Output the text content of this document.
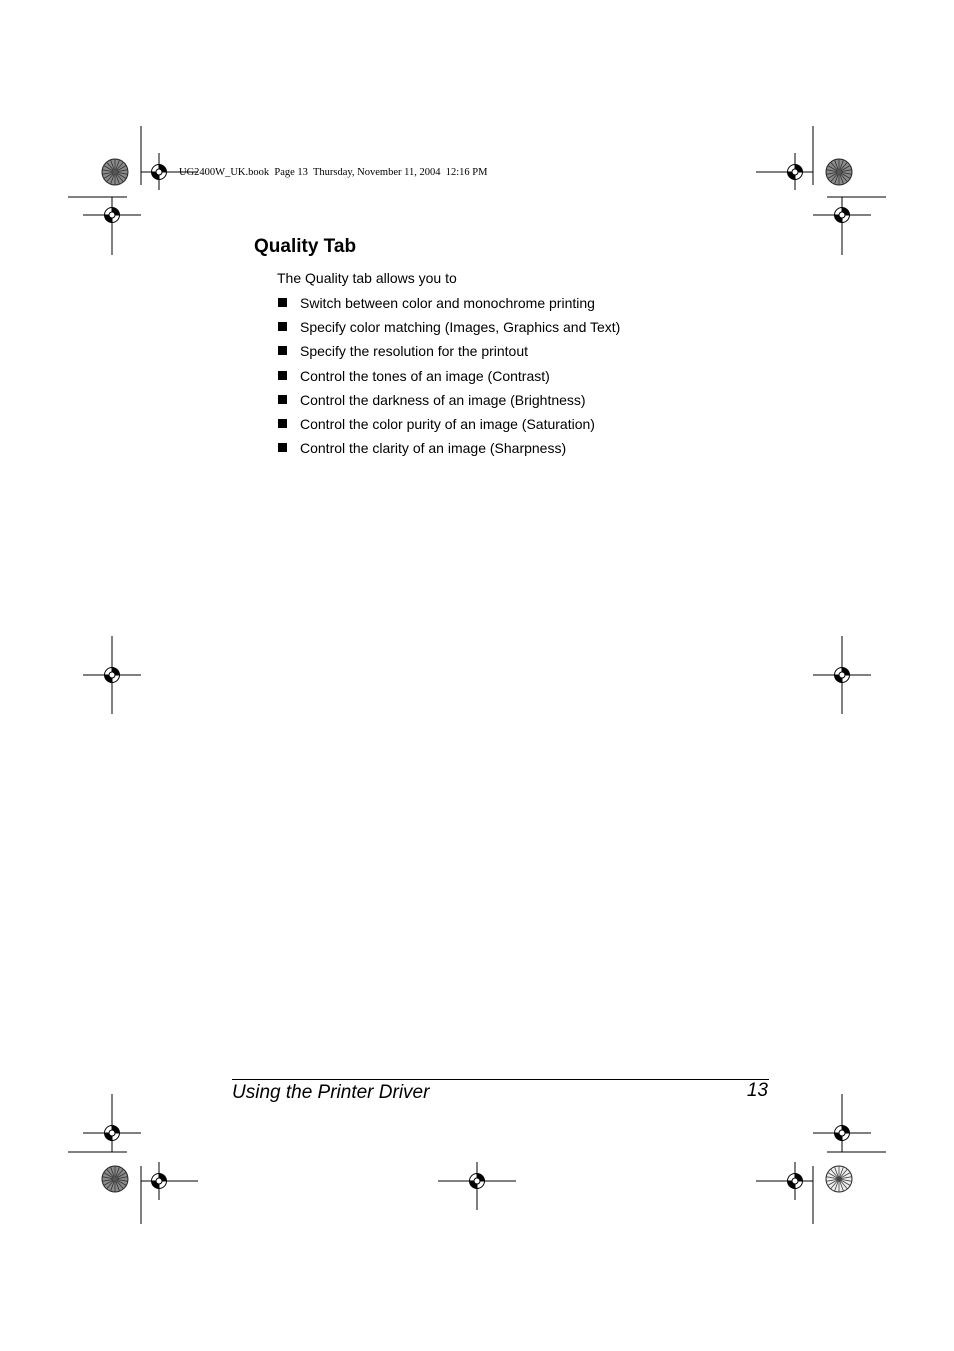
UG2400W_UK.book  Page 13  Thursday, November 11, 2004  12:16 PM
Quality Tab
The Quality tab allows you to
Switch between color and monochrome printing
Specify color matching (Images, Graphics and Text)
Specify the resolution for the printout
Control the tones of an image (Contrast)
Control the darkness of an image (Brightness)
Control the color purity of an image (Saturation)
Control the clarity of an image (Sharpness)
Using the Printer Driver	13
